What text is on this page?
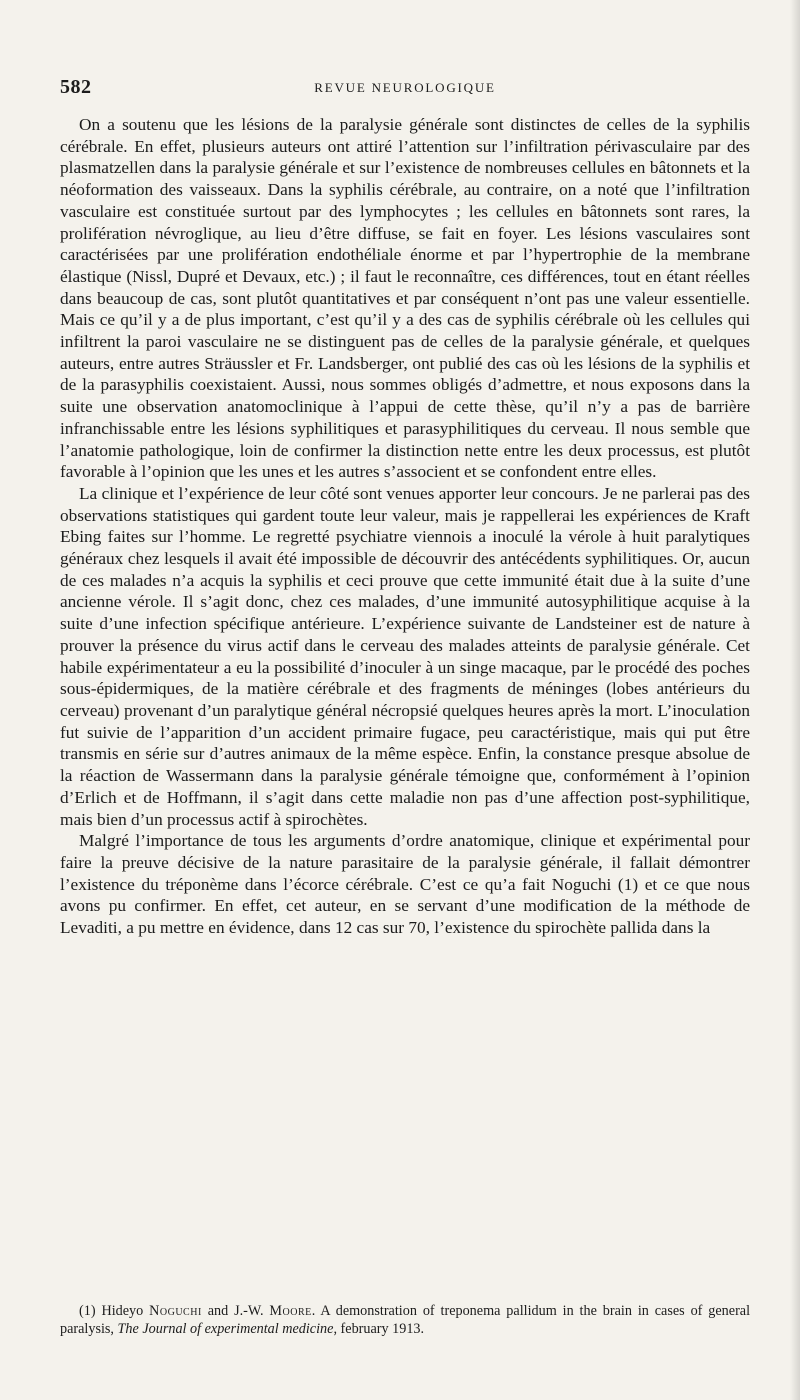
582	REVUE NEUROLOGIQUE

On a soutenu que les lésions de la paralysie générale sont distinctes de celles de la syphilis cérébrale. En effet, plusieurs auteurs ont attiré l’attention sur l’infiltration périvasculaire par des plasmatzellen dans la paralysie générale et sur l’existence de nombreuses cellules en bâtonnets et la néoformation des vaisseaux. Dans la syphilis cérébrale, au contraire, on a noté que l’infiltration vasculaire est constituée surtout par des lymphocytes ; les cellules en bâtonnets sont rares, la prolifération névroglique, au lieu d’être diffuse, se fait en foyer. Les lésions vasculaires sont caractérisées par une prolifération endothéliale énorme et par l’hypertrophie de la membrane élastique (Nissl, Dupré et Devaux, etc.) ; il faut le reconnaître, ces différences, tout en étant réelles dans beaucoup de cas, sont plutôt quantitatives et par conséquent n’ont pas une valeur essentielle. Mais ce qu’il y a de plus important, c’est qu’il y a des cas de syphilis cérébrale où les cellules qui infiltrent la paroi vasculaire ne se distinguent pas de celles de la paralysie générale, et quelques auteurs, entre autres Sträussler et Fr. Landsberger, ont publié des cas où les lésions de la syphilis et de la parasyphilis coexistaient. Aussi, nous sommes obligés d’admettre, et nous exposons dans la suite une observation anatomoclinique à l’appui de cette thèse, qu’il n’y a pas de barrière infranchissable entre les lésions syphilitiques et parasyphilitiques du cerveau. Il nous semble que l’anatomie pathologique, loin de confirmer la distinction nette entre les deux processus, est plutôt favorable à l’opinion que les unes et les autres s’associent et se confondent entre elles.

La clinique et l’expérience de leur côté sont venues apporter leur concours. Je ne parlerai pas des observations statistiques qui gardent toute leur valeur, mais je rappellerai les expériences de Kraft Ebing faites sur l’homme. Le regretté psychiatre viennois a inoculé la vérole à huit paralytiques généraux chez lesquels il avait été impossible de découvrir des antécédents syphilitiques. Or, aucun de ces malades n’a acquis la syphilis et ceci prouve que cette immunité était due à la suite d’une ancienne vérole. Il s’agit donc, chez ces malades, d’une immunité autosyphilitique acquise à la suite d’une infection spécifique antérieure. L’expérience suivante de Landsteiner est de nature à prouver la présence du virus actif dans le cerveau des malades atteints de paralysie générale. Cet habile expérimentateur a eu la possibilité d’inoculer à un singe macaque, par le procédé des poches sous-épidermiques, de la matière cérébrale et des fragments de méninges (lobes antérieurs du cerveau) provenant d’un paralytique général nécropsié quelques heures après la mort. L’inoculation fut suivie de l’apparition d’un accident primaire fugace, peu caractéristique, mais qui put être transmis en série sur d’autres animaux de la même espèce. Enfin, la constance presque absolue de la réaction de Wassermann dans la paralysie générale témoigne que, conformément à l’opinion d’Erlich et de Hoffmann, il s’agit dans cette maladie non pas d’une affection post-syphilitique, mais bien d’un processus actif à spirochètes.

Malgré l’importance de tous les arguments d’ordre anatomique, clinique et expérimental pour faire la preuve décisive de la nature parasitaire de la paralysie générale, il fallait démontrer l’existence du tréponème dans l’écorce cérébrale. C’est ce qu’a fait Noguchi (1) et ce que nous avons pu confirmer. En effet, cet auteur, en se servant d’une modification de la méthode de Levaditi, a pu mettre en évidence, dans 12 cas sur 70, l’existence du spirochète pallida dans la

(1) Hideyo Noguchi and J.-W. Moore. A demonstration of treponema pallidum in the brain in cases of general paralysis, The Journal of experimental medicine, february 1913.
